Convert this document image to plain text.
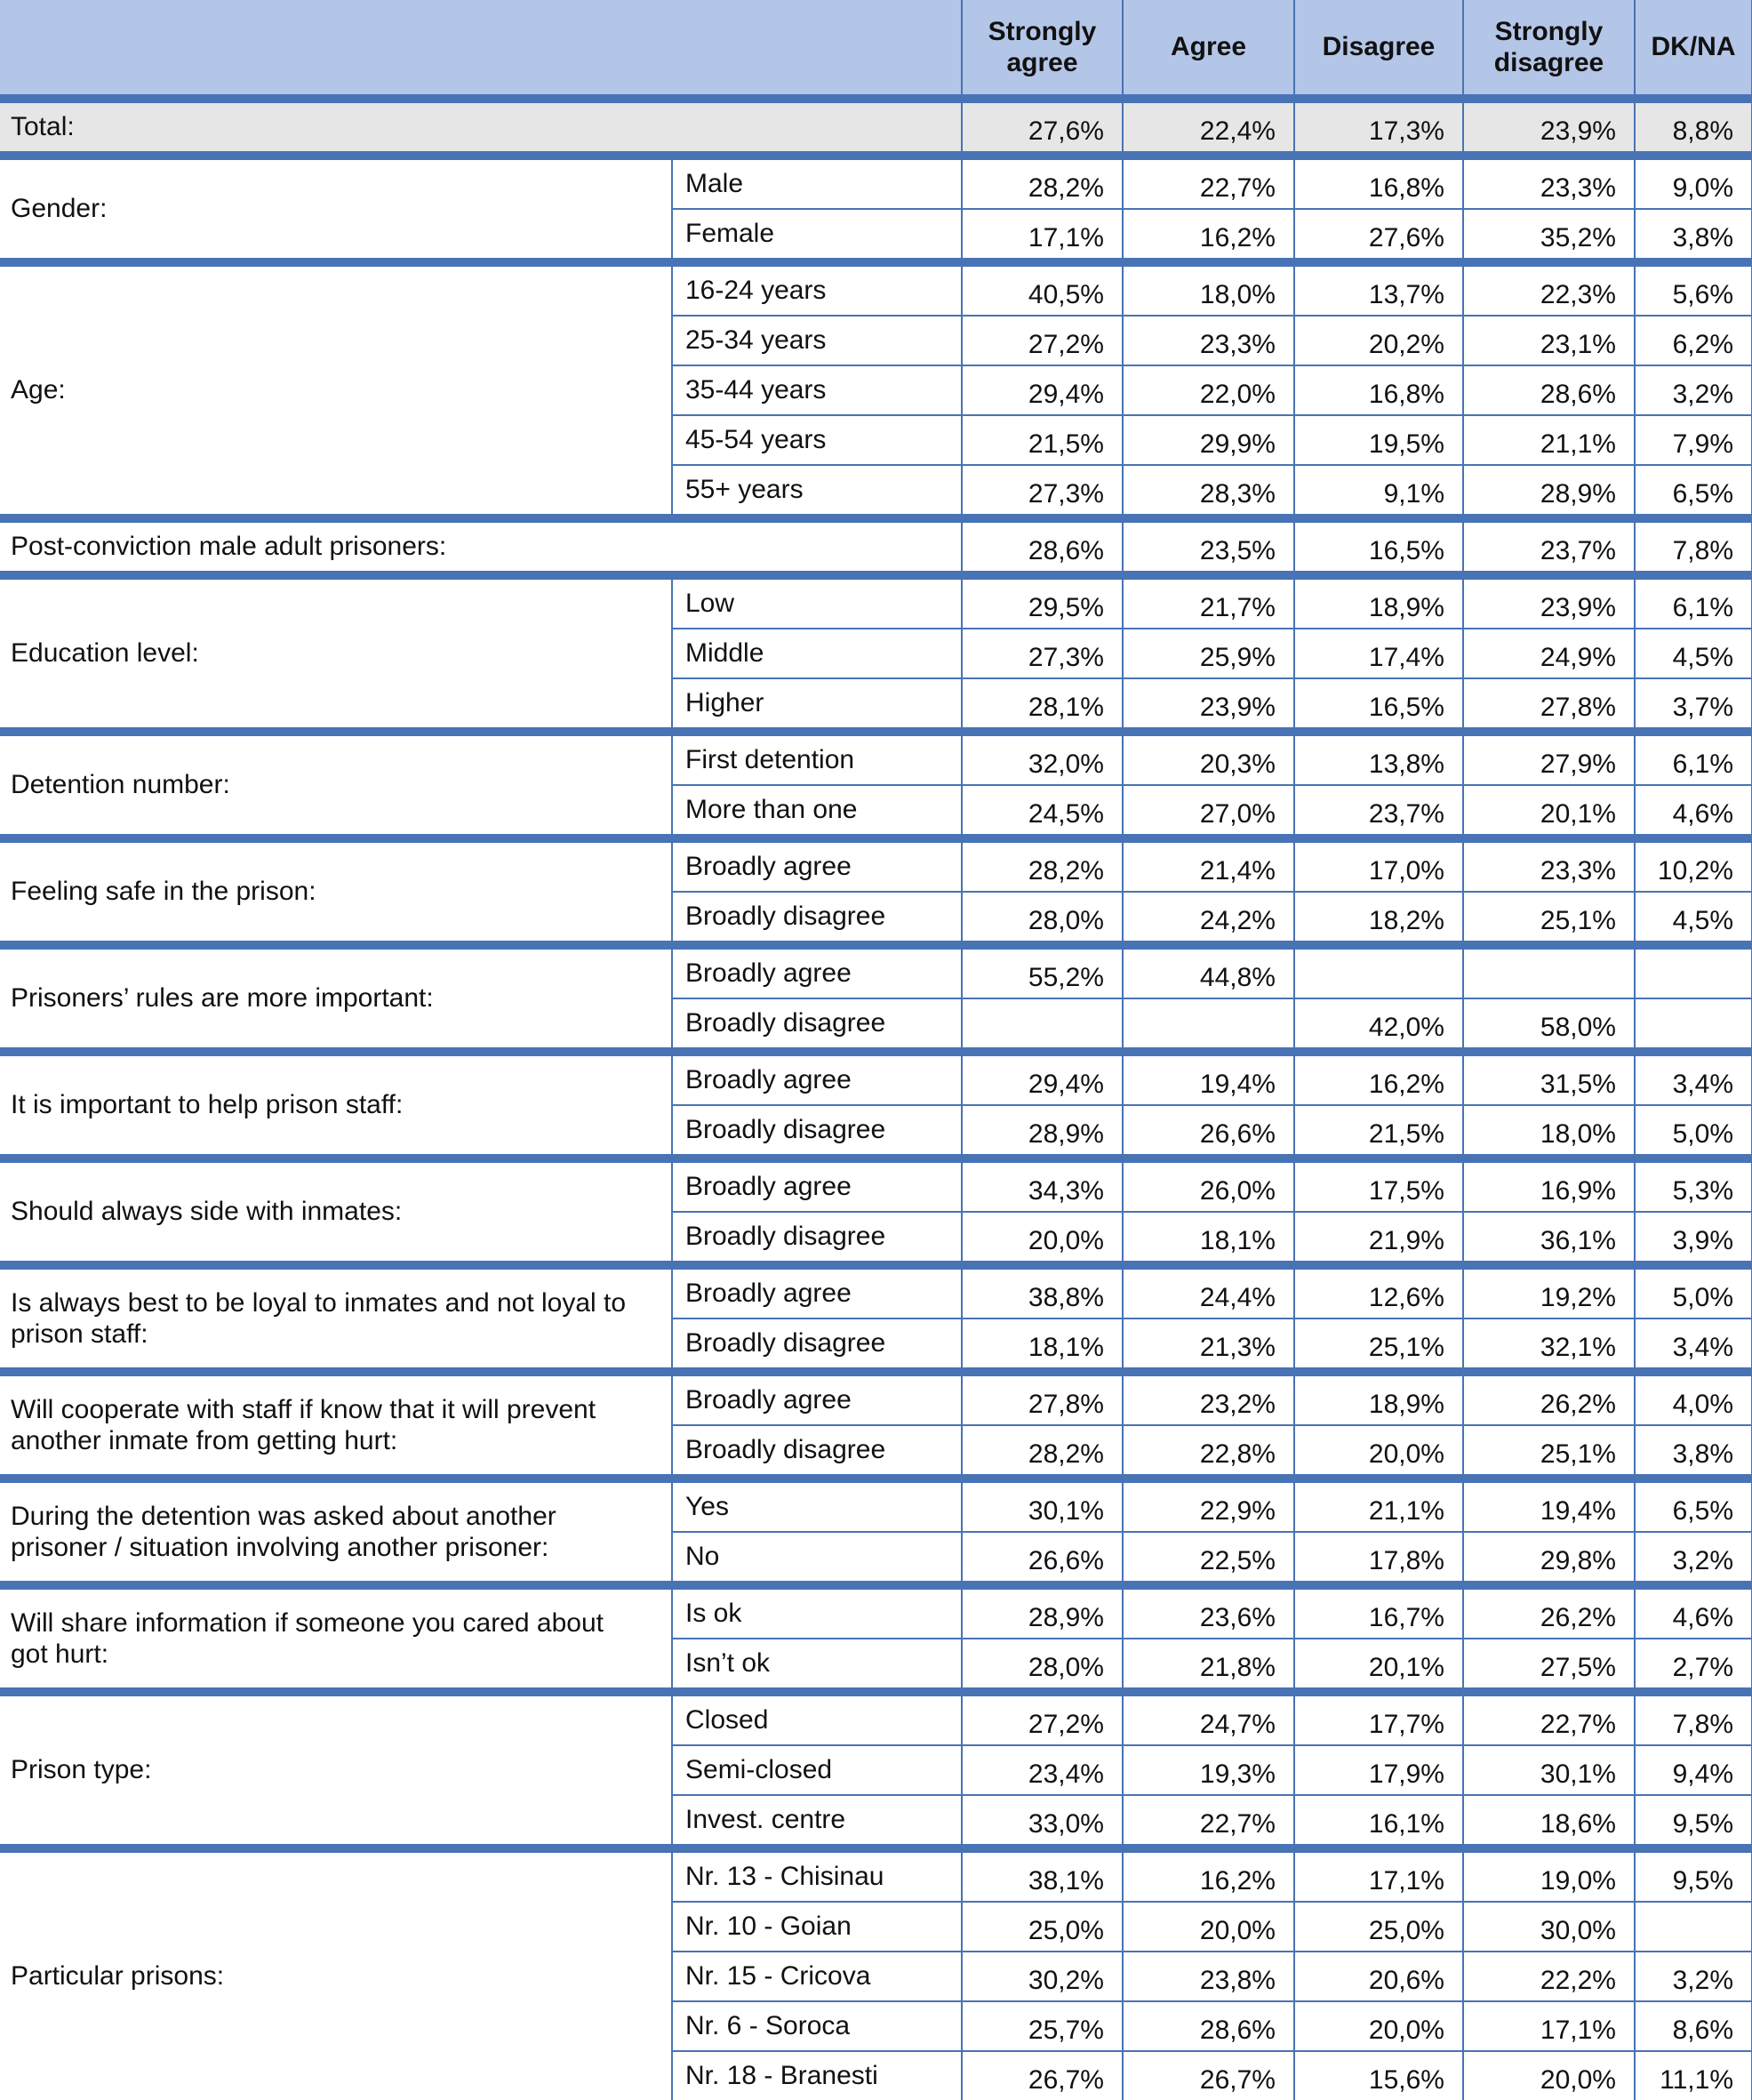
		Strongly agree	Agree	Disagree	Strongly disagree	DK/NA
Total:		27,6%	22,4%	17,3%	23,9%	8,8%
Gender:	Male	28,2%	22,7%	16,8%	23,3%	9,0%
	Female	17,1%	16,2%	27,6%	35,2%	3,8%
Age:	16-24 years	40,5%	18,0%	13,7%	22,3%	5,6%
	25-34 years	27,2%	23,3%	20,2%	23,1%	6,2%
	35-44 years	29,4%	22,0%	16,8%	28,6%	3,2%
	45-54 years	21,5%	29,9%	19,5%	21,1%	7,9%
	55+ years	27,3%	28,3%	9,1%	28,9%	6,5%
Post-conviction male adult prisoners:		28,6%	23,5%	16,5%	23,7%	7,8%
Education level:	Low	29,5%	21,7%	18,9%	23,9%	6,1%
	Middle	27,3%	25,9%	17,4%	24,9%	4,5%
	Higher	28,1%	23,9%	16,5%	27,8%	3,7%
Detention number:	First detention	32,0%	20,3%	13,8%	27,9%	6,1%
	More than one	24,5%	27,0%	23,7%	20,1%	4,6%
Feeling safe in the prison:	Broadly agree	28,2%	21,4%	17,0%	23,3%	10,2%
	Broadly disagree	28,0%	24,2%	18,2%	25,1%	4,5%
Prisoners’ rules are more important:	Broadly agree	55,2%	44,8%			
	Broadly disagree			42,0%	58,0%	
It is important to help prison staff:	Broadly agree	29,4%	19,4%	16,2%	31,5%	3,4%
	Broadly disagree	28,9%	26,6%	21,5%	18,0%	5,0%
Should always side with inmates:	Broadly agree	34,3%	26,0%	17,5%	16,9%	5,3%
	Broadly disagree	20,0%	18,1%	21,9%	36,1%	3,9%
Is always best to be loyal to inmates and not loyal to prison staff:	Broadly agree	38,8%	24,4%	12,6%	19,2%	5,0%
	Broadly disagree	18,1%	21,3%	25,1%	32,1%	3,4%
Will cooperate with staff if know that it will prevent another inmate from getting hurt:	Broadly agree	27,8%	23,2%	18,9%	26,2%	4,0%
	Broadly disagree	28,2%	22,8%	20,0%	25,1%	3,8%
During the detention was asked about another prisoner / situation involving another prisoner:	Yes	30,1%	22,9%	21,1%	19,4%	6,5%
	No	26,6%	22,5%	17,8%	29,8%	3,2%
Will share information if someone you cared about got hurt:	Is ok	28,9%	23,6%	16,7%	26,2%	4,6%
	Isn’t ok	28,0%	21,8%	20,1%	27,5%	2,7%
Prison type:	Closed	27,2%	24,7%	17,7%	22,7%	7,8%
	Semi-closed	23,4%	19,3%	17,9%	30,1%	9,4%
	Invest. centre	33,0%	22,7%	16,1%	18,6%	9,5%
Particular prisons:	Nr. 13 - Chisinau	38,1%	16,2%	17,1%	19,0%	9,5%
	Nr. 10 - Goian	25,0%	20,0%	25,0%	30,0%	
	Nr. 15 - Cricova	30,2%	23,8%	20,6%	22,2%	3,2%
	Nr. 6 - Soroca	25,7%	28,6%	20,0%	17,1%	8,6%
	Nr. 18 - Branesti	26,7%	26,7%	15,6%	20,0%	11,1%
